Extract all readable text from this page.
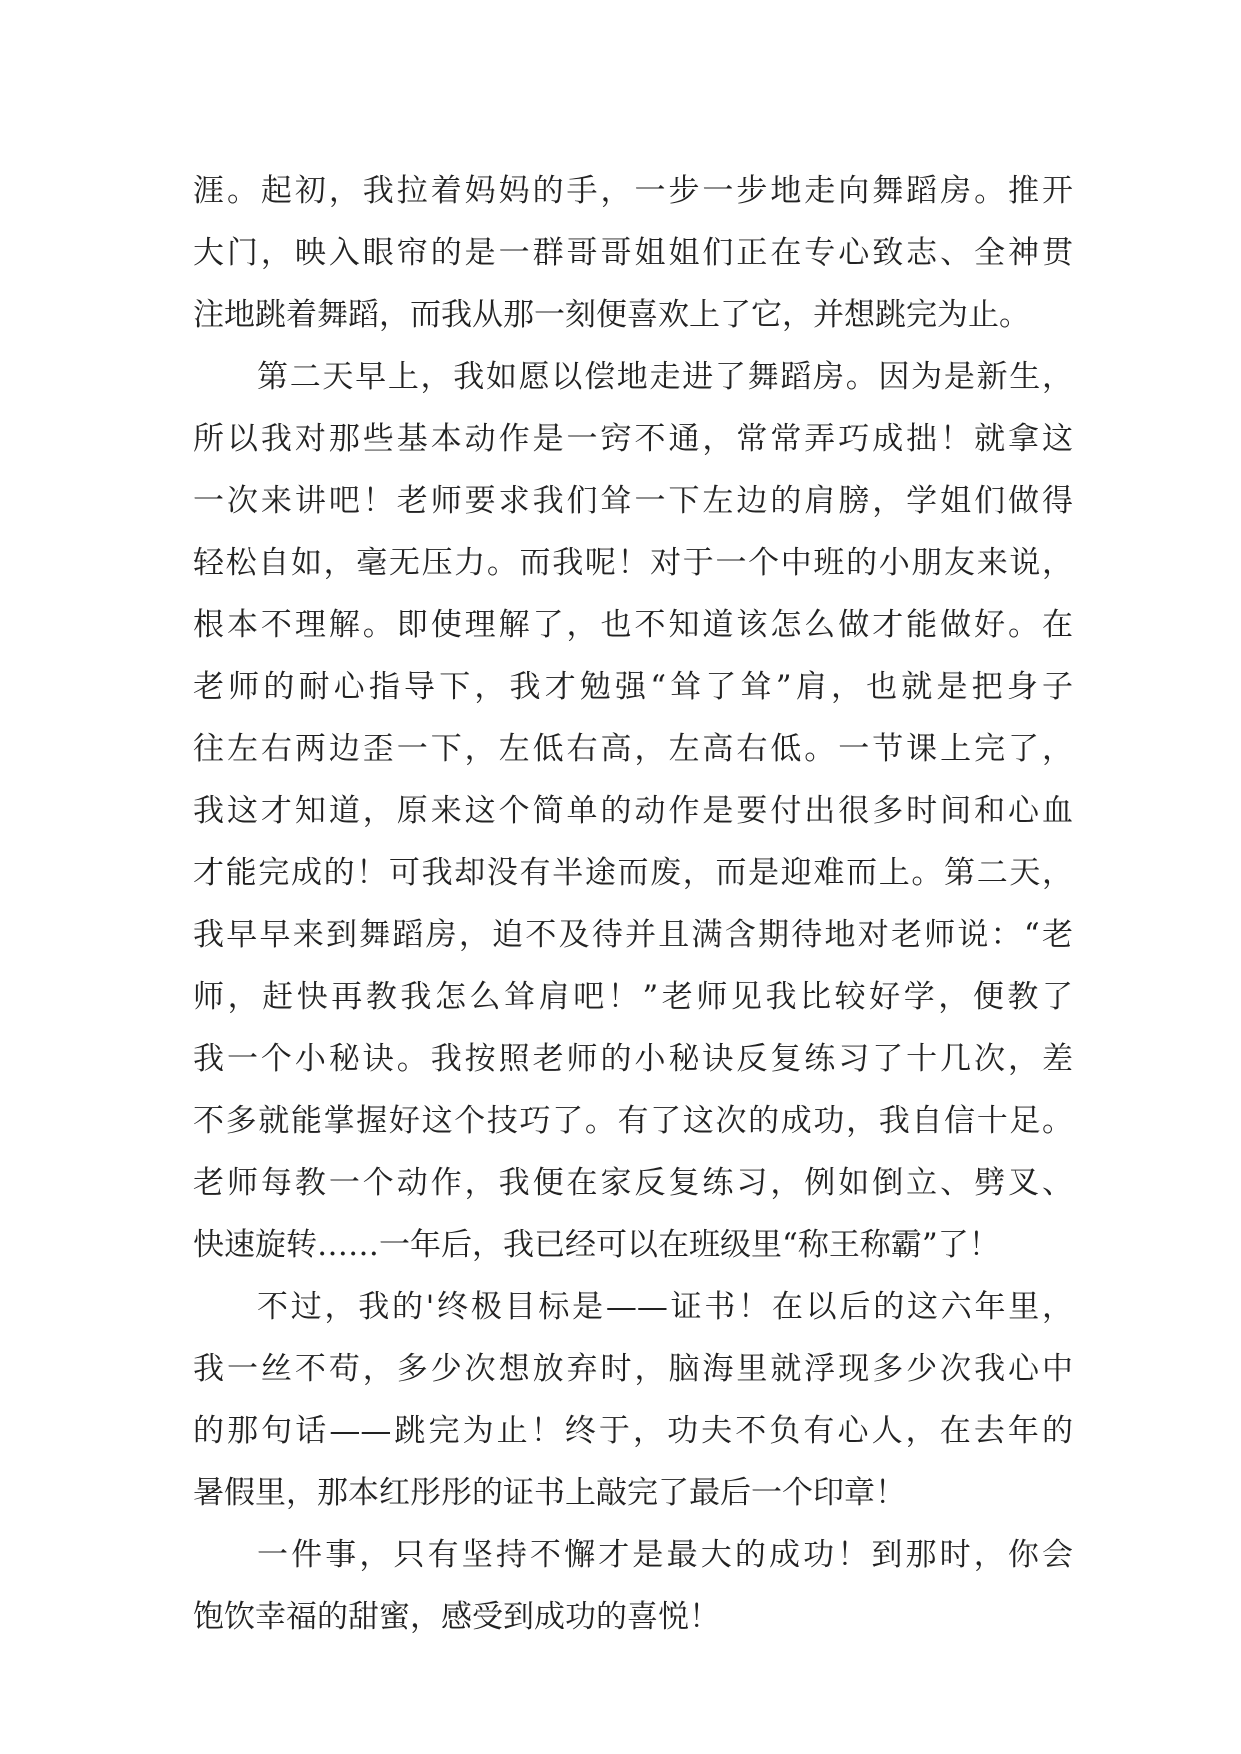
涯。起初，我拉着妈妈的手，一步一步地走向舞蹈房。推开
大门，映入眼帘的是一群哥哥姐姐们正在专心致志、全神贯
注地跳着舞蹈，而我从那一刻便喜欢上了它，并想跳完为止。
第二天早上，我如愿以偿地走进了舞蹈房。因为是新生，
所以我对那些基本动作是一窍不通，常常弄巧成拙！就拿这
一次来讲吧！老师要求我们耸一下左边的肩膀，学姐们做得
轻松自如，毫无压力。而我呢！对于一个中班的小朋友来说，
根本不理解。即使理解了，也不知道该怎么做才能做好。在
老师的耐心指导下，我才勉强“耸了耸”肩，也就是把身子
往左右两边歪一下，左低右高，左高右低。一节课上完了，
我这才知道，原来这个简单的动作是要付出很多时间和心血
才能完成的！可我却没有半途而废，而是迎难而上。第二天，
我早早来到舞蹈房，迫不及待并且满含期待地对老师说：“老
师，赶快再教我怎么耸肩吧！”老师见我比较好学，便教了
我一个小秘诀。我按照老师的小秘诀反复练习了十几次，差
不多就能掌握好这个技巧了。有了这次的成功，我自信十足。
老师每教一个动作，我便在家反复练习，例如倒立、劈叉、
快速旋转……一年后，我已经可以在班级里“称王称霸”了！
不过，我的'终极目标是——证书！在以后的这六年里，
我一丝不苟，多少次想放弃时，脑海里就浮现多少次我心中
的那句话——跳完为止！终于，功夫不负有心人，在去年的
暑假里，那本红彤彤的证书上敲完了最后一个印章！
一件事，只有坚持不懈才是最大的成功！到那时，你会
饱饮幸福的甜蜜，感受到成功的喜悦！
